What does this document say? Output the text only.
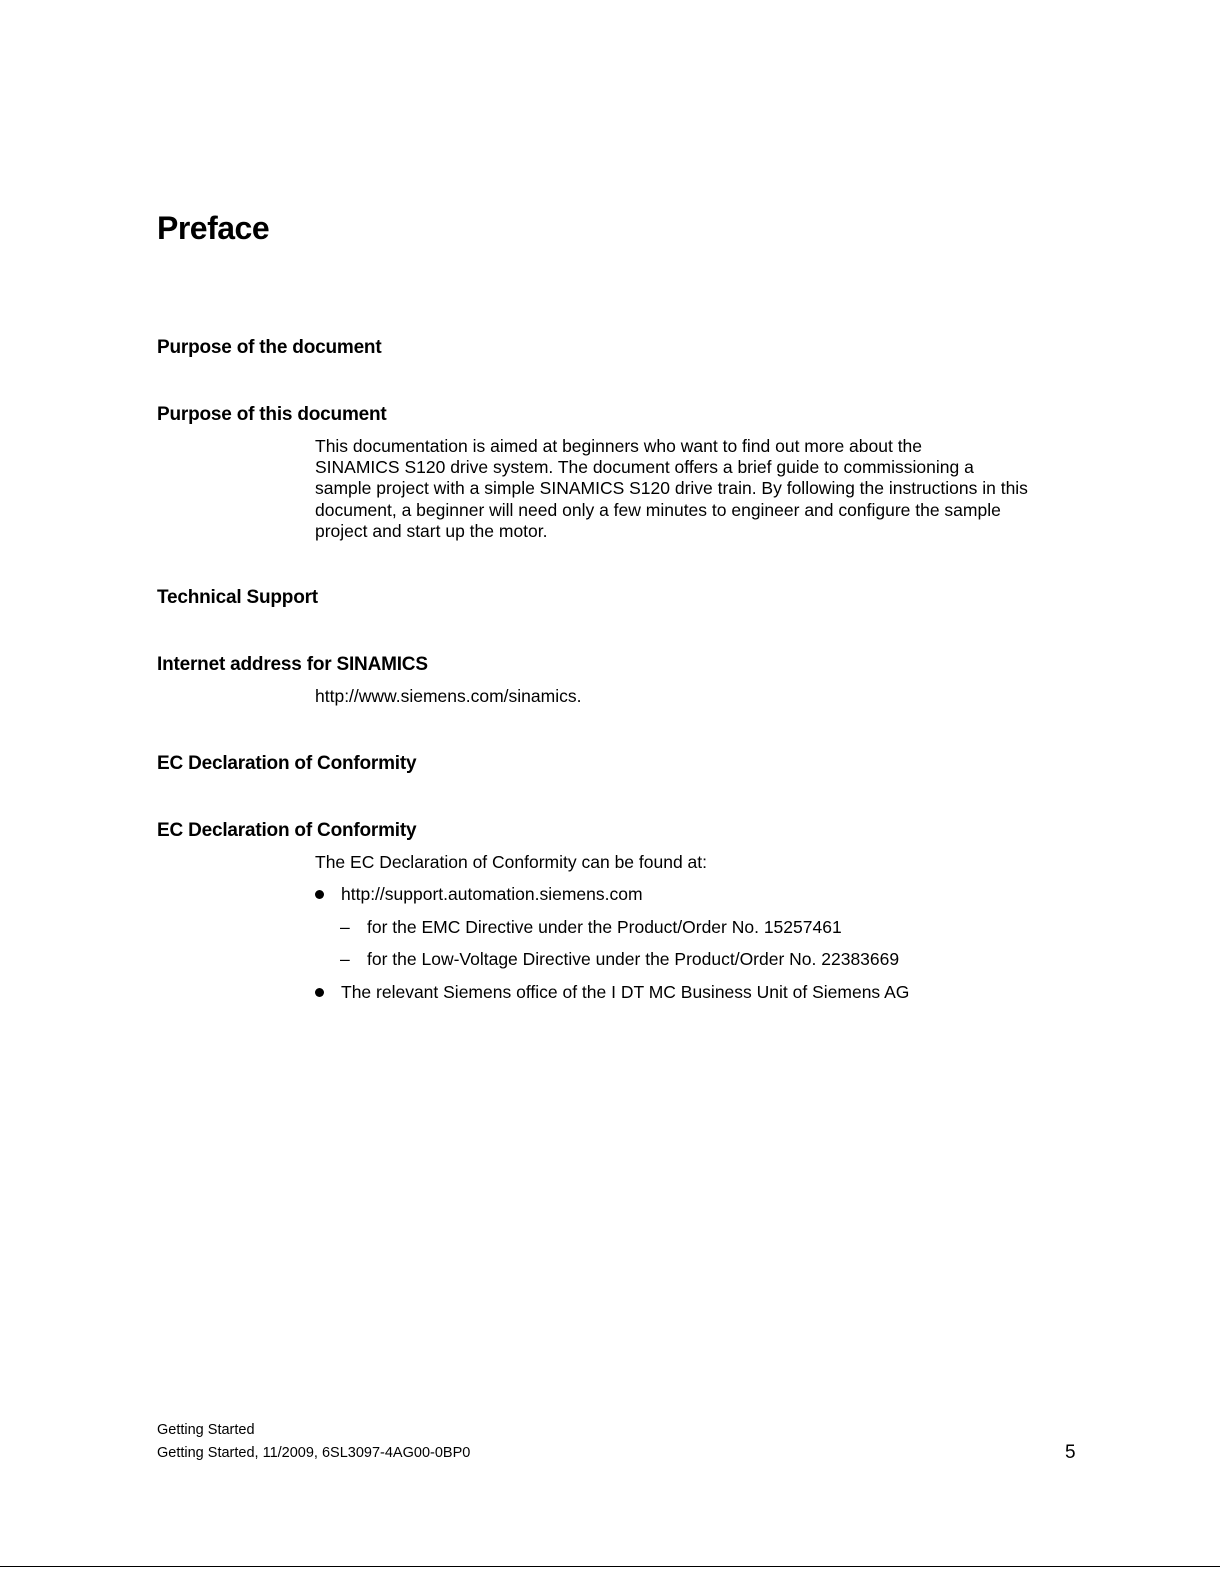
Preface
Purpose of the document
Purpose of this document
This documentation is aimed at beginners who want to find out more about the
SINAMICS S120 drive system. The document offers a brief guide to commissioning a
sample project with a simple SINAMICS S120 drive train. By following the instructions in this
document, a beginner will need only a few minutes to engineer and configure the sample
project and start up the motor.
Technical Support
Internet address for SINAMICS
http://www.siemens.com/sinamics.
EC Declaration of Conformity
EC Declaration of Conformity
The EC Declaration of Conformity can be found at:
http://support.automation.siemens.com
– for the EMC Directive under the Product/Order No. 15257461
– for the Low-Voltage Directive under the Product/Order No. 22383669
The relevant Siemens office of the I DT MC Business Unit of Siemens AG
Getting Started
Getting Started, 11/2009, 6SL3097-4AG00-0BP0	5
